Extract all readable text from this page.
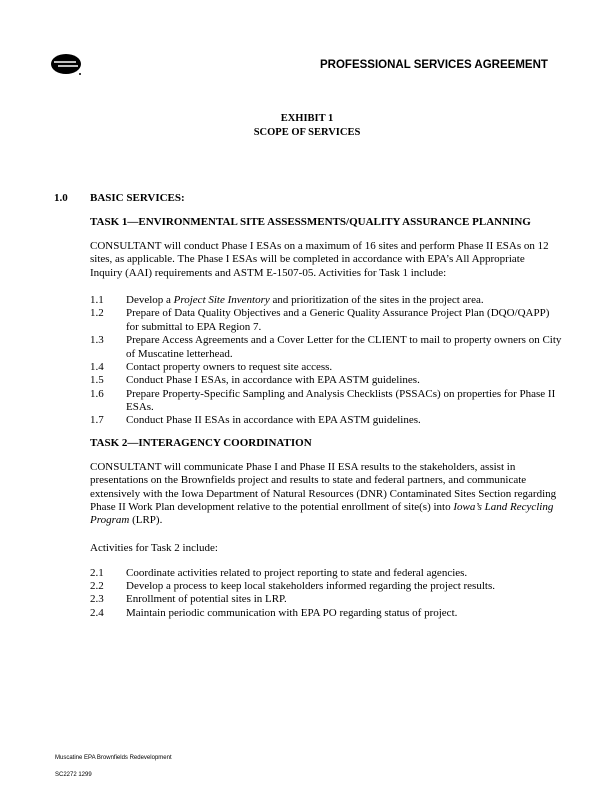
PROFESSIONAL SERVICES AGREEMENT
EXHIBIT 1
SCOPE OF SERVICES
1.0	BASIC SERVICES:
TASK 1—ENVIRONMENTAL SITE ASSESSMENTS/QUALITY ASSURANCE PLANNING
CONSULTANT will conduct Phase I ESAs on a maximum of 16 sites and perform Phase II ESAs on 12
sites, as applicable. The Phase I ESAs will be completed in accordance with EPA’s All Appropriate
Inquiry (AAI) requirements and ASTM E-1507-05. Activities for Task 1 include:
1.1	Develop a Project Site Inventory and prioritization of the sites in the project area.
1.2	Prepare of Data Quality Objectives and a Generic Quality Assurance Project Plan (DQO/QAPP)
for submittal to EPA Region 7.
1.3	Prepare Access Agreements and a Cover Letter for the CLIENT to mail to property owners on City
of Muscatine letterhead.
1.4	Contact property owners to request site access.
1.5	Conduct Phase I ESAs, in accordance with EPA ASTM guidelines.
1.6	Prepare Property-Specific Sampling and Analysis Checklists (PSSACs) on properties for Phase II
ESAs.
1.7	Conduct Phase II ESAs in accordance with EPA ASTM guidelines.
TASK 2—INTERAGENCY COORDINATION
CONSULTANT will communicate Phase I and Phase II ESA results to the stakeholders, assist in
presentations on the Brownfields project and results to state and federal partners, and communicate
extensively with the Iowa Department of Natural Resources (DNR) Contaminated Sites Section regarding
Phase II Work Plan development relative to the potential enrollment of site(s) into Iowa’s Land Recycling
Program (LRP).
Activities for Task 2 include:
2.1	Coordinate activities related to project reporting to state and federal agencies.
2.2	Develop a process to keep local stakeholders informed regarding the project results.
2.3	Enrollment of potential sites in LRP.
2.4	Maintain periodic communication with EPA PO regarding status of project.
Muscatine EPA Brownfields Redevelopment
SC2272 1299
